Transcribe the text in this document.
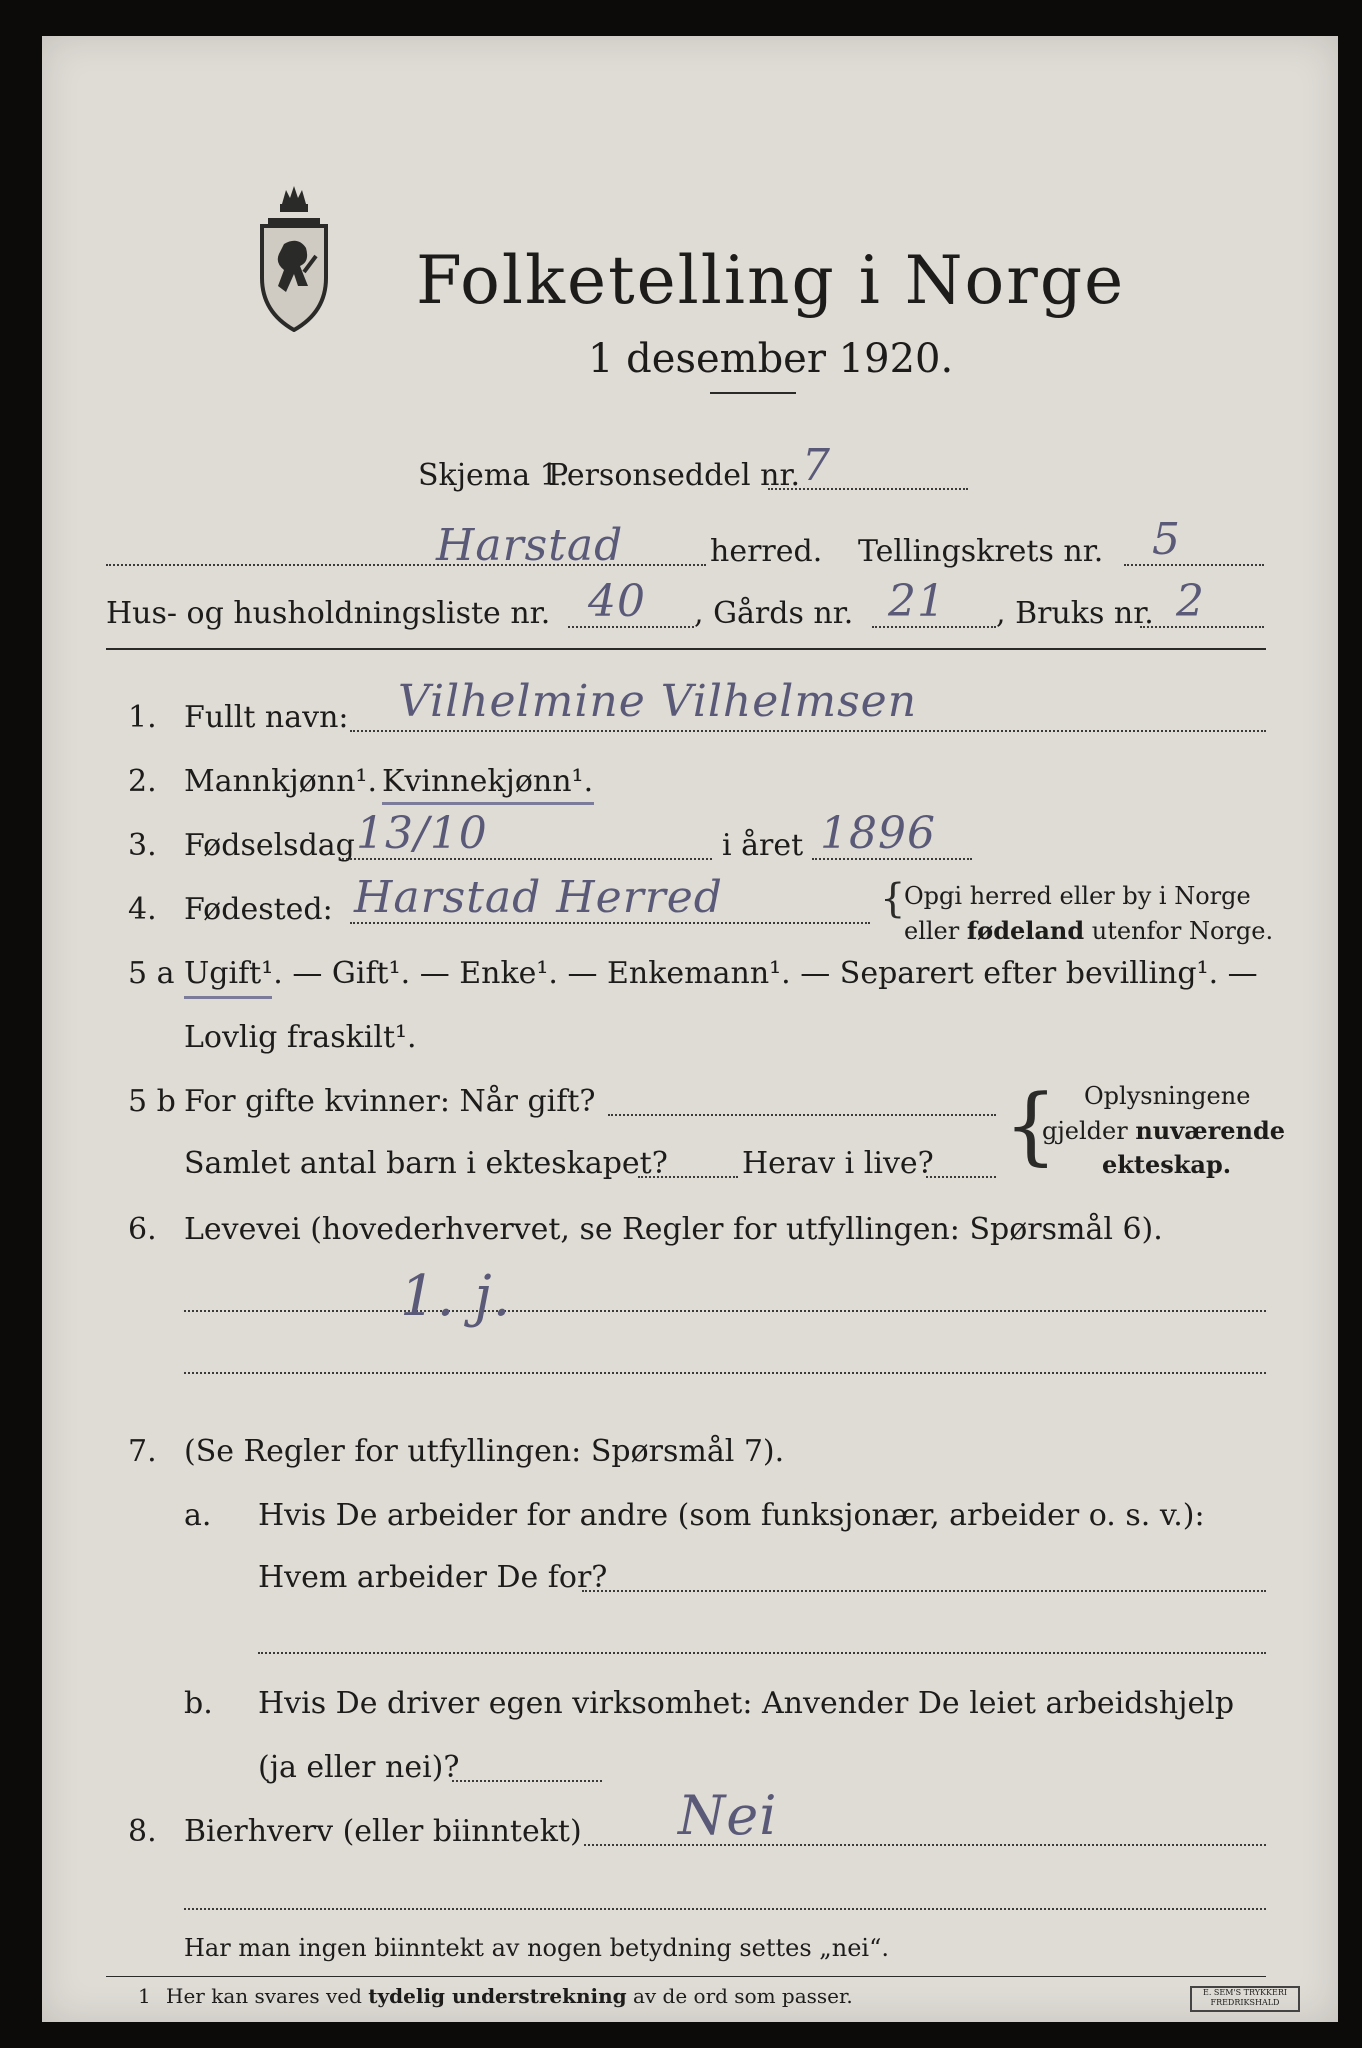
Folketelling i Norge
1 desember 1920.
Skjema 1.
Personseddel nr. 7
Harstad	herred. Tellingskrets nr. 5
Hus- og husholdningsliste nr. 40 , Gårds nr. 21 , Bruks nr. 2
1. Fullt navn: Vilhelmine Vilhelmsen
2. Mannkjønn¹. Kvinnekjønn¹.
3. Fødselsdag 13/10	i året 1896
4. Fødested: Harstad Herred	{
Opgi herred eller by i Norge
eller fødeland utenfor Norge.
5 a Ugift¹. — Gift¹. — Enke¹. — Enkemann¹. — Separert efter bevilling¹. —
Lovlig fraskilt¹.
5 b For gifte kvinner: Når gift?
Samlet antal barn i ekteskapet? Herav i live? { Oplysningene
gjelder nuværende
ekteskap.
6. Levevei (hovederhvervet, se Regler for utfyllingen: Spørsmål 6).
1. j.
7. (Se Regler for utfyllingen: Spørsmål 7).
a. Hvis De arbeider for andre (som funksjonær, arbeider o. s. v.):
Hvem arbeider De for?
b. Hvis De driver egen virksomhet: Anvender De leiet arbeidshjelp
(ja eller nei)?
8. Bierhverv (eller biinntekt) Nei
Har man ingen biinntekt av nogen betydning settes „nei“.
1 Her kan svares ved tydelig understrekning av de ord som passer.	E. SEM'S TRYKKERI
FREDRIKSHALD
